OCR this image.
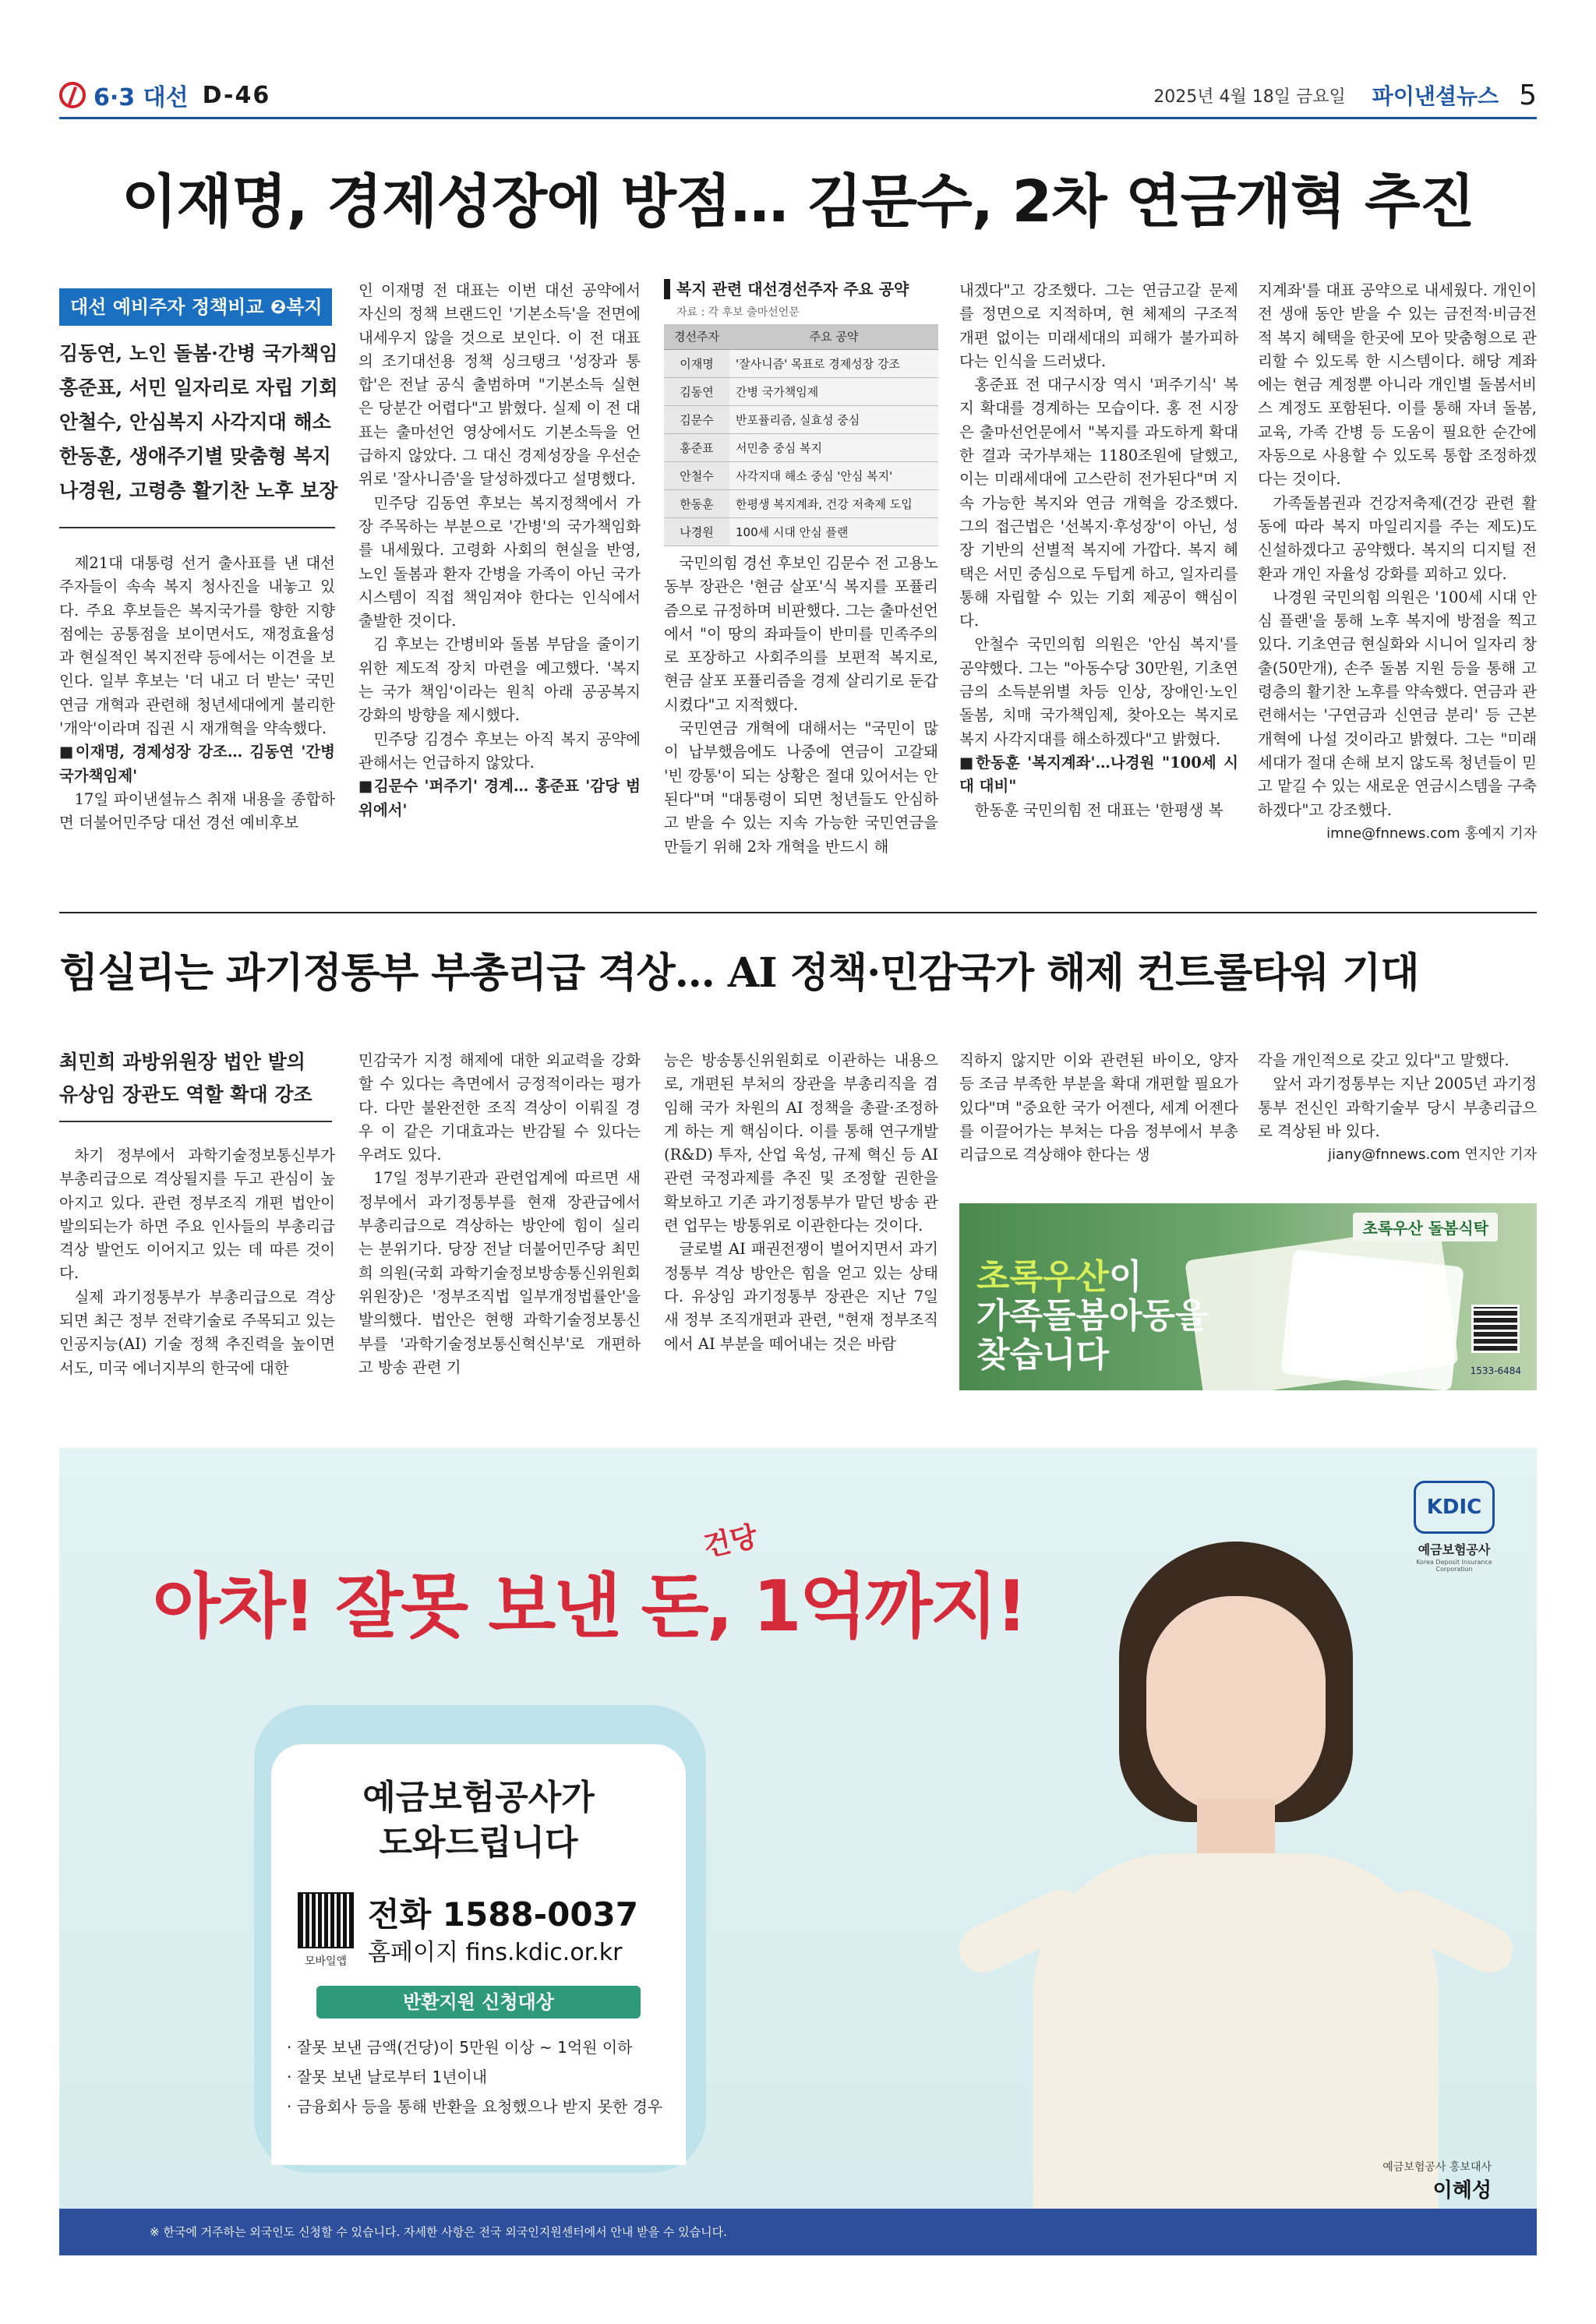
6·3 대선 D-46	2025년 4월 18일 금요일 파이낸셜뉴스 5
이재명, 경제성장에 방점… 김문수, 2차 연금개혁 추진
대선 예비주자 정책비교 ❷복지
김동연, 노인 돌봄·간병 국가책임
홍준표, 서민 일자리로 자립 기회
안철수, 안심복지 사각지대 해소
한동훈, 생애주기별 맞춤형 복지
나경원, 고령층 활기찬 노후 보장

제21대 대통령 선거 출사표를 낸 대선주자들이 속속 복지 청사진을 내놓고 있다. 주요 후보들은 복지국가를 향한 지향점에는 공통점을 보이면서도, 재정효율성과 현실적인 복지전략 등에서는 이견을 보인다. 일부 후보는 '더 내고 더 받는' 국민연금 개혁과 관련해 청년세대에게 불리한 '개악'이라며 집권 시 재개혁을 약속했다.

■이재명, 경제성장 강조… 김동연 '간병국가책임제'

17일 파이낸셜뉴스 취재 내용을 종합하면 더불어민주당 대선 경선 예비후보

인 이재명 전 대표는 이번 대선 공약에서 자신의 정책 브랜드인 '기본소득'을 전면에 내세우지 않을 것으로 보인다. 이 전 대표의 조기대선용 정책 싱크탱크 '성장과 통합'은 전날 공식 출범하며 "기본소득 실현은 당분간 어렵다"고 밝혔다. 실제 이 전 대표는 출마선언 영상에서도 기본소득을 언급하지 않았다. 그 대신 경제성장을 우선순위로 '잘사니즘'을 달성하겠다고 설명했다.

민주당 김동연 후보는 복지정책에서 가장 주목하는 부분으로 '간병'의 국가책임화를 내세웠다. 고령화 사회의 현실을 반영, 노인 돌봄과 환자 간병을 가족이 아닌 국가시스템이 직접 책임져야 한다는 인식에서 출발한 것이다.

김 후보는 간병비와 돌봄 부담을 줄이기 위한 제도적 장치 마련을 예고했다. '복지는 국가 책임'이라는 원칙 아래 공공복지 강화의 방향을 제시했다.

민주당 김경수 후보는 아직 복지 공약에 관해서는 언급하지 않았다.

■김문수 '퍼주기' 경계… 홍준표 '감당 범위에서'

복지 관련 대선경선주자 주요 공약
자료 : 각 후보 출마선언문
경선주자	주요 공약
이재명	'잘사니즘' 목표로 경제성장 강조
김동연	간병 국가책임제
김문수	반포퓰리즘, 실효성 중심
홍준표	서민층 중심 복지
안철수	사각지대 해소 중심 '안심 복지'
한동훈	한평생 복지계좌, 건강 저축제 도입
나경원	100세 시대 안심 플랜

국민의힘 경선 후보인 김문수 전 고용노동부 장관은 '현금 살포'식 복지를 포퓰리즘으로 규정하며 비판했다. 그는 출마선언에서 "이 땅의 좌파들이 반미를 민족주의로 포장하고 사회주의를 보편적 복지로, 현금 살포 포퓰리즘을 경제 살리기로 둔갑시켰다"고 지적했다.

국민연금 개혁에 대해서는 "국민이 많이 납부했음에도 나중에 연금이 고갈돼 '빈 깡통'이 되는 상황은 절대 있어서는 안 된다"며 "대통령이 되면 청년들도 안심하고 받을 수 있는 지속 가능한 국민연금을 만들기 위해 2차 개혁을 반드시 해

내겠다"고 강조했다. 그는 연금고갈 문제를 정면으로 지적하며, 현 체제의 구조적 개편 없이는 미래세대의 피해가 불가피하다는 인식을 드러냈다.

홍준표 전 대구시장 역시 '퍼주기식' 복지 확대를 경계하는 모습이다. 홍 전 시장은 출마선언문에서 "복지를 과도하게 확대한 결과 국가부채는 1180조원에 달했고, 이는 미래세대에 고스란히 전가된다"며 지속 가능한 복지와 연금 개혁을 강조했다. 그의 접근법은 '선복지·후성장'이 아닌, 성장 기반의 선별적 복지에 가깝다. 복지 혜택은 서민 중심으로 두텁게 하고, 일자리를 통해 자립할 수 있는 기회 제공이 핵심이다.

안철수 국민의힘 의원은 '안심 복지'를 공약했다. 그는 "아동수당 30만원, 기초연금의 소득분위별 차등 인상, 장애인·노인 돌봄, 치매 국가책임제, 찾아오는 복지로 복지 사각지대를 해소하겠다"고 밝혔다.

■한동훈 '복지계좌'…나경원 "100세 시대 대비"

한동훈 국민의힘 전 대표는 '한평생 복

지계좌'를 대표 공약으로 내세웠다. 개인이 전 생애 동안 받을 수 있는 금전적·비금전적 복지 혜택을 한곳에 모아 맞춤형으로 관리할 수 있도록 한 시스템이다. 해당 계좌에는 현금 계정뿐 아니라 개인별 돌봄서비스 계정도 포함된다. 이를 통해 자녀 돌봄, 교육, 가족 간병 등 도움이 필요한 순간에 자동으로 사용할 수 있도록 통합 조정하겠다는 것이다.

가족돌봄권과 건강저축제(건강 관련 활동에 따라 복지 마일리지를 주는 제도)도 신설하겠다고 공약했다. 복지의 디지털 전환과 개인 자율성 강화를 꾀하고 있다.

나경원 국민의힘 의원은 '100세 시대 안심 플랜'을 통해 노후 복지에 방점을 찍고 있다. 기초연금 현실화와 시니어 일자리 창출(50만개), 손주 돌봄 지원 등을 통해 고령층의 활기찬 노후를 약속했다. 연금과 관련해서는 '구연금과 신연금 분리' 등 근본개혁에 나설 것이라고 밝혔다. 그는 "미래세대가 절대 손해 보지 않도록 청년들이 믿고 맡길 수 있는 새로운 연금시스템을 구축하겠다"고 강조했다.

imne@fnnews.com 홍예지 기자
힘실리는 과기정통부 부총리급 격상… AI 정책·민감국가 해제 컨트롤타워 기대
최민희 과방위원장 법안 발의
유상임 장관도 역할 확대 강조

차기 정부에서 과학기술정보통신부가 부총리급으로 격상될지를 두고 관심이 높아지고 있다. 관련 정부조직 개편 법안이 발의되는가 하면 주요 인사들의 부총리급 격상 발언도 이어지고 있는 데 따른 것이다.

실제 과기정통부가 부총리급으로 격상되면 최근 정부 전략기술로 주목되고 있는 인공지능(AI) 기술 정책 추진력을 높이면서도, 미국 에너지부의 한국에 대한

민감국가 지정 해제에 대한 외교력을 강화할 수 있다는 측면에서 긍정적이라는 평가다. 다만 불완전한 조직 격상이 이뤄질 경우 이 같은 기대효과는 반감될 수 있다는 우려도 있다.

17일 정부기관과 관련업계에 따르면 새 정부에서 과기정통부를 현재 장관급에서 부총리급으로 격상하는 방안에 힘이 실리는 분위기다. 당장 전날 더불어민주당 최민희 의원(국회 과학기술정보방송통신위원회 위원장)은 '정부조직법 일부개정법률안'을 발의했다. 법안은 현행 과학기술정보통신부를 '과학기술정보통신혁신부'로 개편하고 방송 관련 기

능은 방송통신위원회로 이관하는 내용으로, 개편된 부처의 장관을 부총리직을 겸임해 국가 차원의 AI 정책을 총괄·조정하게 하는 게 핵심이다. 이를 통해 연구개발(R&D) 투자, 산업 육성, 규제 혁신 등 AI 관련 국정과제를 추진 및 조정할 권한을 확보하고 기존 과기정통부가 맡던 방송 관련 업무는 방통위로 이관한다는 것이다.

글로벌 AI 패권전쟁이 벌어지면서 과기정통부 격상 방안은 힘을 얻고 있는 상태다. 유상임 과기정통부 장관은 지난 7일 새 정부 조직개편과 관련, "현재 정부조직에서 AI 부분을 떼어내는 것은 바람

직하지 않지만 이와 관련된 바이오, 양자 등 조금 부족한 부분을 확대 개편할 필요가 있다"며 "중요한 국가 어젠다, 세계 어젠다를 이끌어가는 부처는 다음 정부에서 부총리급으로 격상해야 한다는 생

각을 개인적으로 갖고 있다"고 말했다.

앞서 과기정통부는 지난 2005년 과기정통부 전신인 과학기술부 당시 부총리급으로 격상된 바 있다.

jiany@fnnews.com 연지안 기자
초록우산 돌봄식탁
초록우산이
가족돌봄아동을
찾습니다	1533-6484
아차! 잘못 보낸 돈, 1억까지!
건당
KDIC
예금보험공사
Korea Deposit Insurance Corporation
예금보험공사가
도와드립니다
모바일앱
전화 1588-0037
홈페이지 fins.kdic.or.kr
반환지원 신청대상
· 잘못 보낸 금액(건당)이 5만원 이상 ~ 1억원 이하
· 잘못 보낸 날로부터 1년이내
· 금융회사 등을 통해 반환을 요청했으나 받지 못한 경우
예금보험공사 홍보대사
이혜성
※ 한국에 거주하는 외국인도 신청할 수 있습니다. 자세한 사항은 전국 외국인지원센터에서 안내 받을 수 있습니다.
